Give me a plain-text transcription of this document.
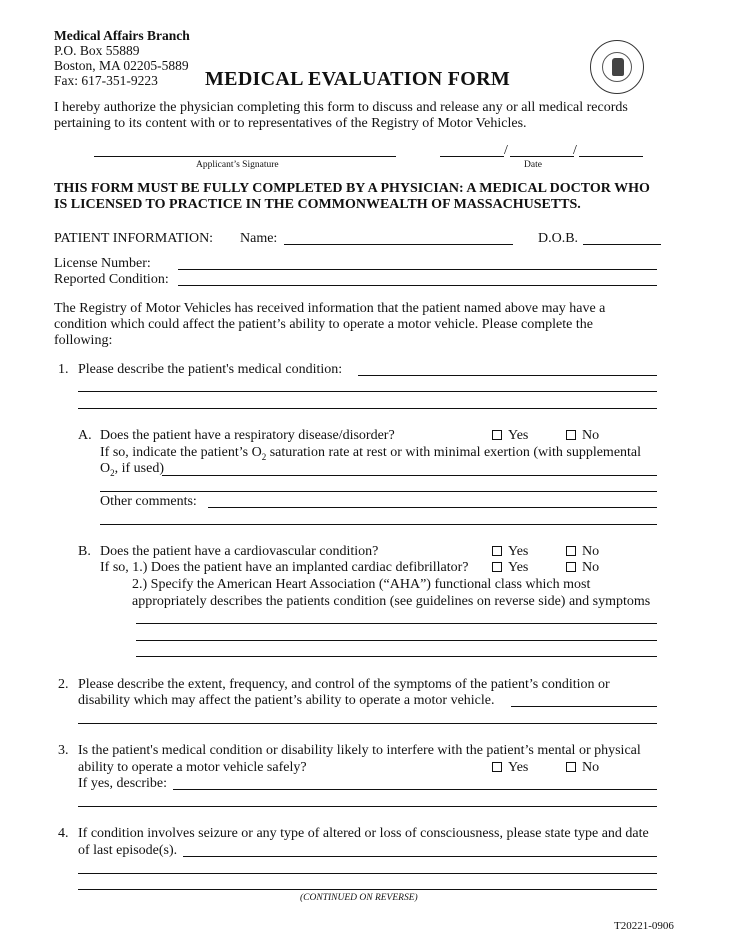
Medical Affairs Branch
P.O. Box 55889
Boston, MA 02205-5889
Fax: 617-351-9223 MEDICAL EVALUATION FORM
I hereby authorize the physician completing this form to discuss and release any or all medical records
pertaining to its content with or to representatives of the Registry of Motor Vehicles.
Applicant’s Signature
/	/
Date
THIS FORM MUST BE FULLY COMPLETED BY A PHYSICIAN: A MEDICAL DOCTOR WHO
IS LICENSED TO PRACTICE IN THE COMMONWEALTH OF MASSACHUSETTS.
PATIENT INFORMATION: Name:	D.O.B.
License Number:
Reported Condition:
The Registry of Motor Vehicles has received information that the patient named above may have a
condition which could affect the patient’s ability to operate a motor vehicle. Please complete the
following:
1. Please describe the patient's medical condition:
A. Does the patient have a respiratory disease/disorder?	Yes	No
If so, indicate the patient’s $O_2$ saturation rate at rest or with minimal exertion (with supplemental
$O_2$, if used)
Other comments:
B. Does the patient have a cardiovascular condition?	Yes	No
If so, 1.) Does the patient have an implanted cardiac defibrillator?	Yes	No
2.) Specify the American Heart Association (“AHA”) functional class which most
appropriately describes the patients condition (see guidelines on reverse side) and symptoms
2. Please describe the extent, frequency, and control of the symptoms of the patient’s condition or
disability which may affect the patient’s ability to operate a motor vehicle.
3. Is the patient's medical condition or disability likely to interfere with the patient’s mental or physical
ability to operate a motor vehicle safely?	Yes	No
If yes, describe:
4. If condition involves seizure or any type of altered or loss of consciousness, please state type and date
of last episode(s).
(CONTINUED ON REVERSE)
T20221-0906
